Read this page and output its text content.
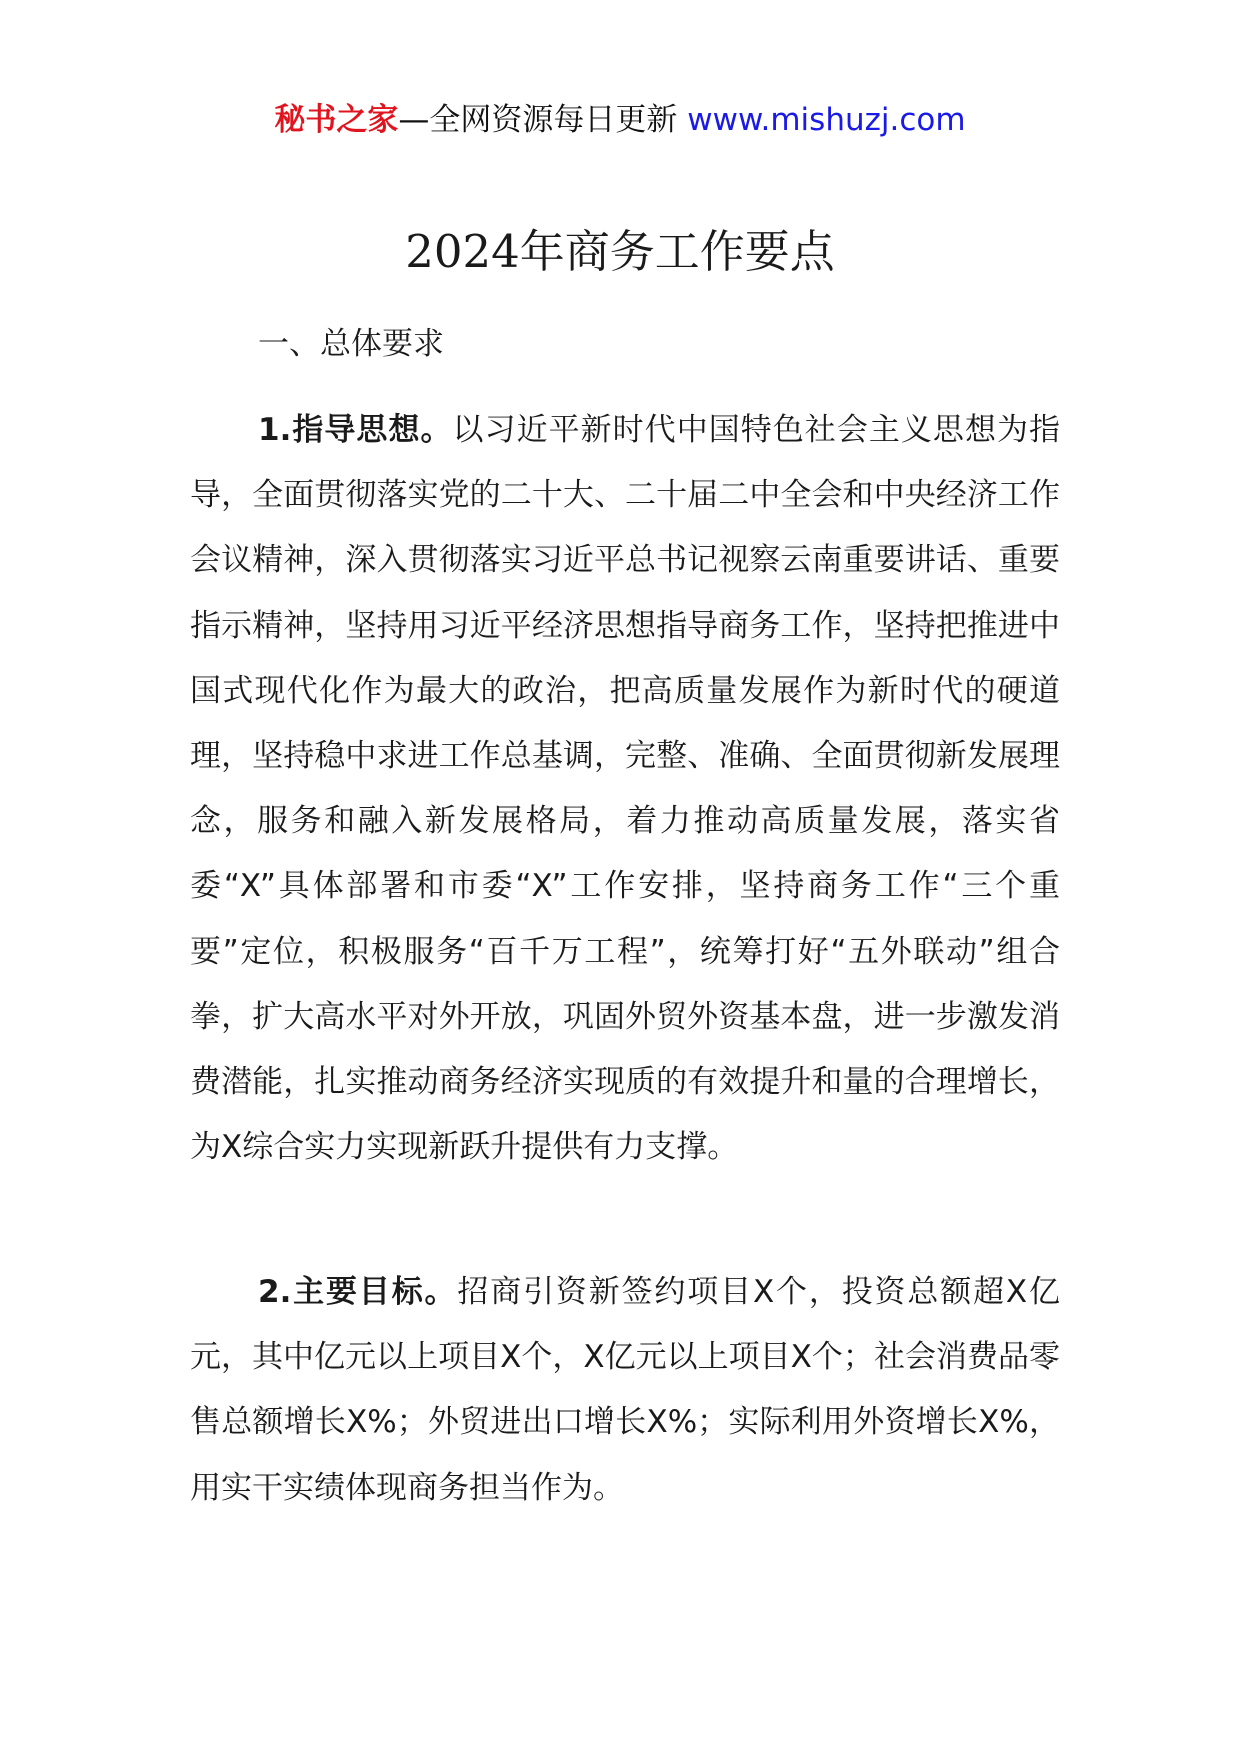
秘书之家—全网资源每日更新 www.mishuzj.com
2024年商务工作要点
一、总体要求

1.指导思想。以习近平新时代中国特色社会主义思想为指导，全面贯彻落实党的二十大、二十届二中全会和中央经济工作会议精神，深入贯彻落实习近平总书记视察云南重要讲话、重要指示精神，坚持用习近平经济思想指导商务工作，坚持把推进中国式现代化作为最大的政治，把高质量发展作为新时代的硬道理，坚持稳中求进工作总基调，完整、准确、全面贯彻新发展理念，服务和融入新发展格局，着力推动高质量发展，落实省委“X”具体部署和市委“X”工作安排，坚持商务工作“三个重要”定位，积极服务“百千万工程”，统筹打好“五外联动”组合拳，扩大高水平对外开放，巩固外贸外资基本盘，进一步激发消费潜能，扎实推动商务经济实现质的有效提升和量的合理增长，为X综合实力实现新跃升提供有力支撑。

2.主要目标。招商引资新签约项目X个，投资总额超X亿元，其中亿元以上项目X个，X亿元以上项目X个；社会消费品零售总额增长X%；外贸进出口增长X%；实际利用外资增长X%，用实干实绩体现商务担当作为。
